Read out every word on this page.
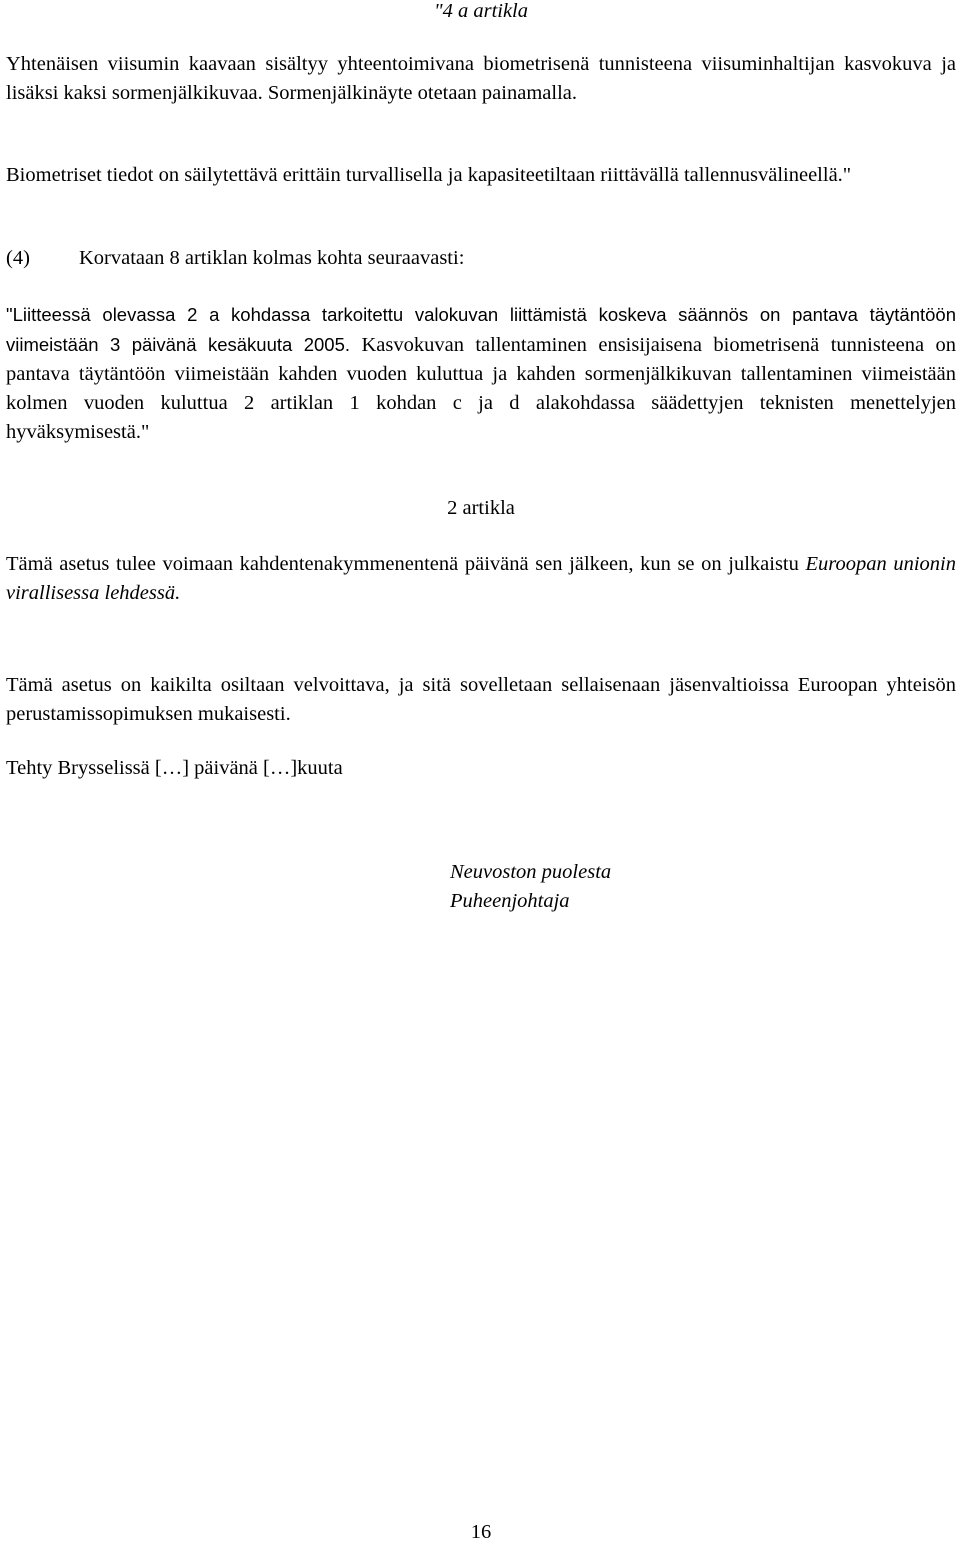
"4 a artikla

Yhtenäisen viisumin kaavaan sisältyy yhteentoimivana biometrisenä tunnisteena viisuminhaltijan kasvokuva ja lisäksi kaksi sormenjälkikuvaa. Sormenjälkinäyte otetaan painamalla.

Biometriset tiedot on säilytettävä erittäin turvallisella ja kapasiteetiltaan riittävällä tallennusvälineellä."

(4) Korvataan 8 artiklan kolmas kohta seuraavasti:

"Liitteessä olevassa 2 a kohdassa tarkoitettu valokuvan liittämistä koskeva säännös on pantava täytäntöön viimeistään 3 päivänä kesäkuuta 2005. Kasvokuvan tallentaminen ensisijaisena biometrisenä tunnisteena on pantava täytäntöön viimeistään kahden vuoden kuluttua ja kahden sormenjälkikuvan tallentaminen viimeistään kolmen vuoden kuluttua 2 artiklan 1 kohdan c ja d alakohdassa säädettyjen teknisten menettelyjen hyväksymisestä."

2 artikla

Tämä asetus tulee voimaan kahdentenakymmenentenä päivänä sen jälkeen, kun se on julkaistu Euroopan unionin virallisessa lehdessä.

Tämä asetus on kaikilta osiltaan velvoittava, ja sitä sovelletaan sellaisenaan jäsenvaltioissa Euroopan yhteisön perustamissopimuksen mukaisesti.

Tehty Brysselissä […] päivänä […]kuuta

Neuvoston puolesta
Puheenjohtaja
16
